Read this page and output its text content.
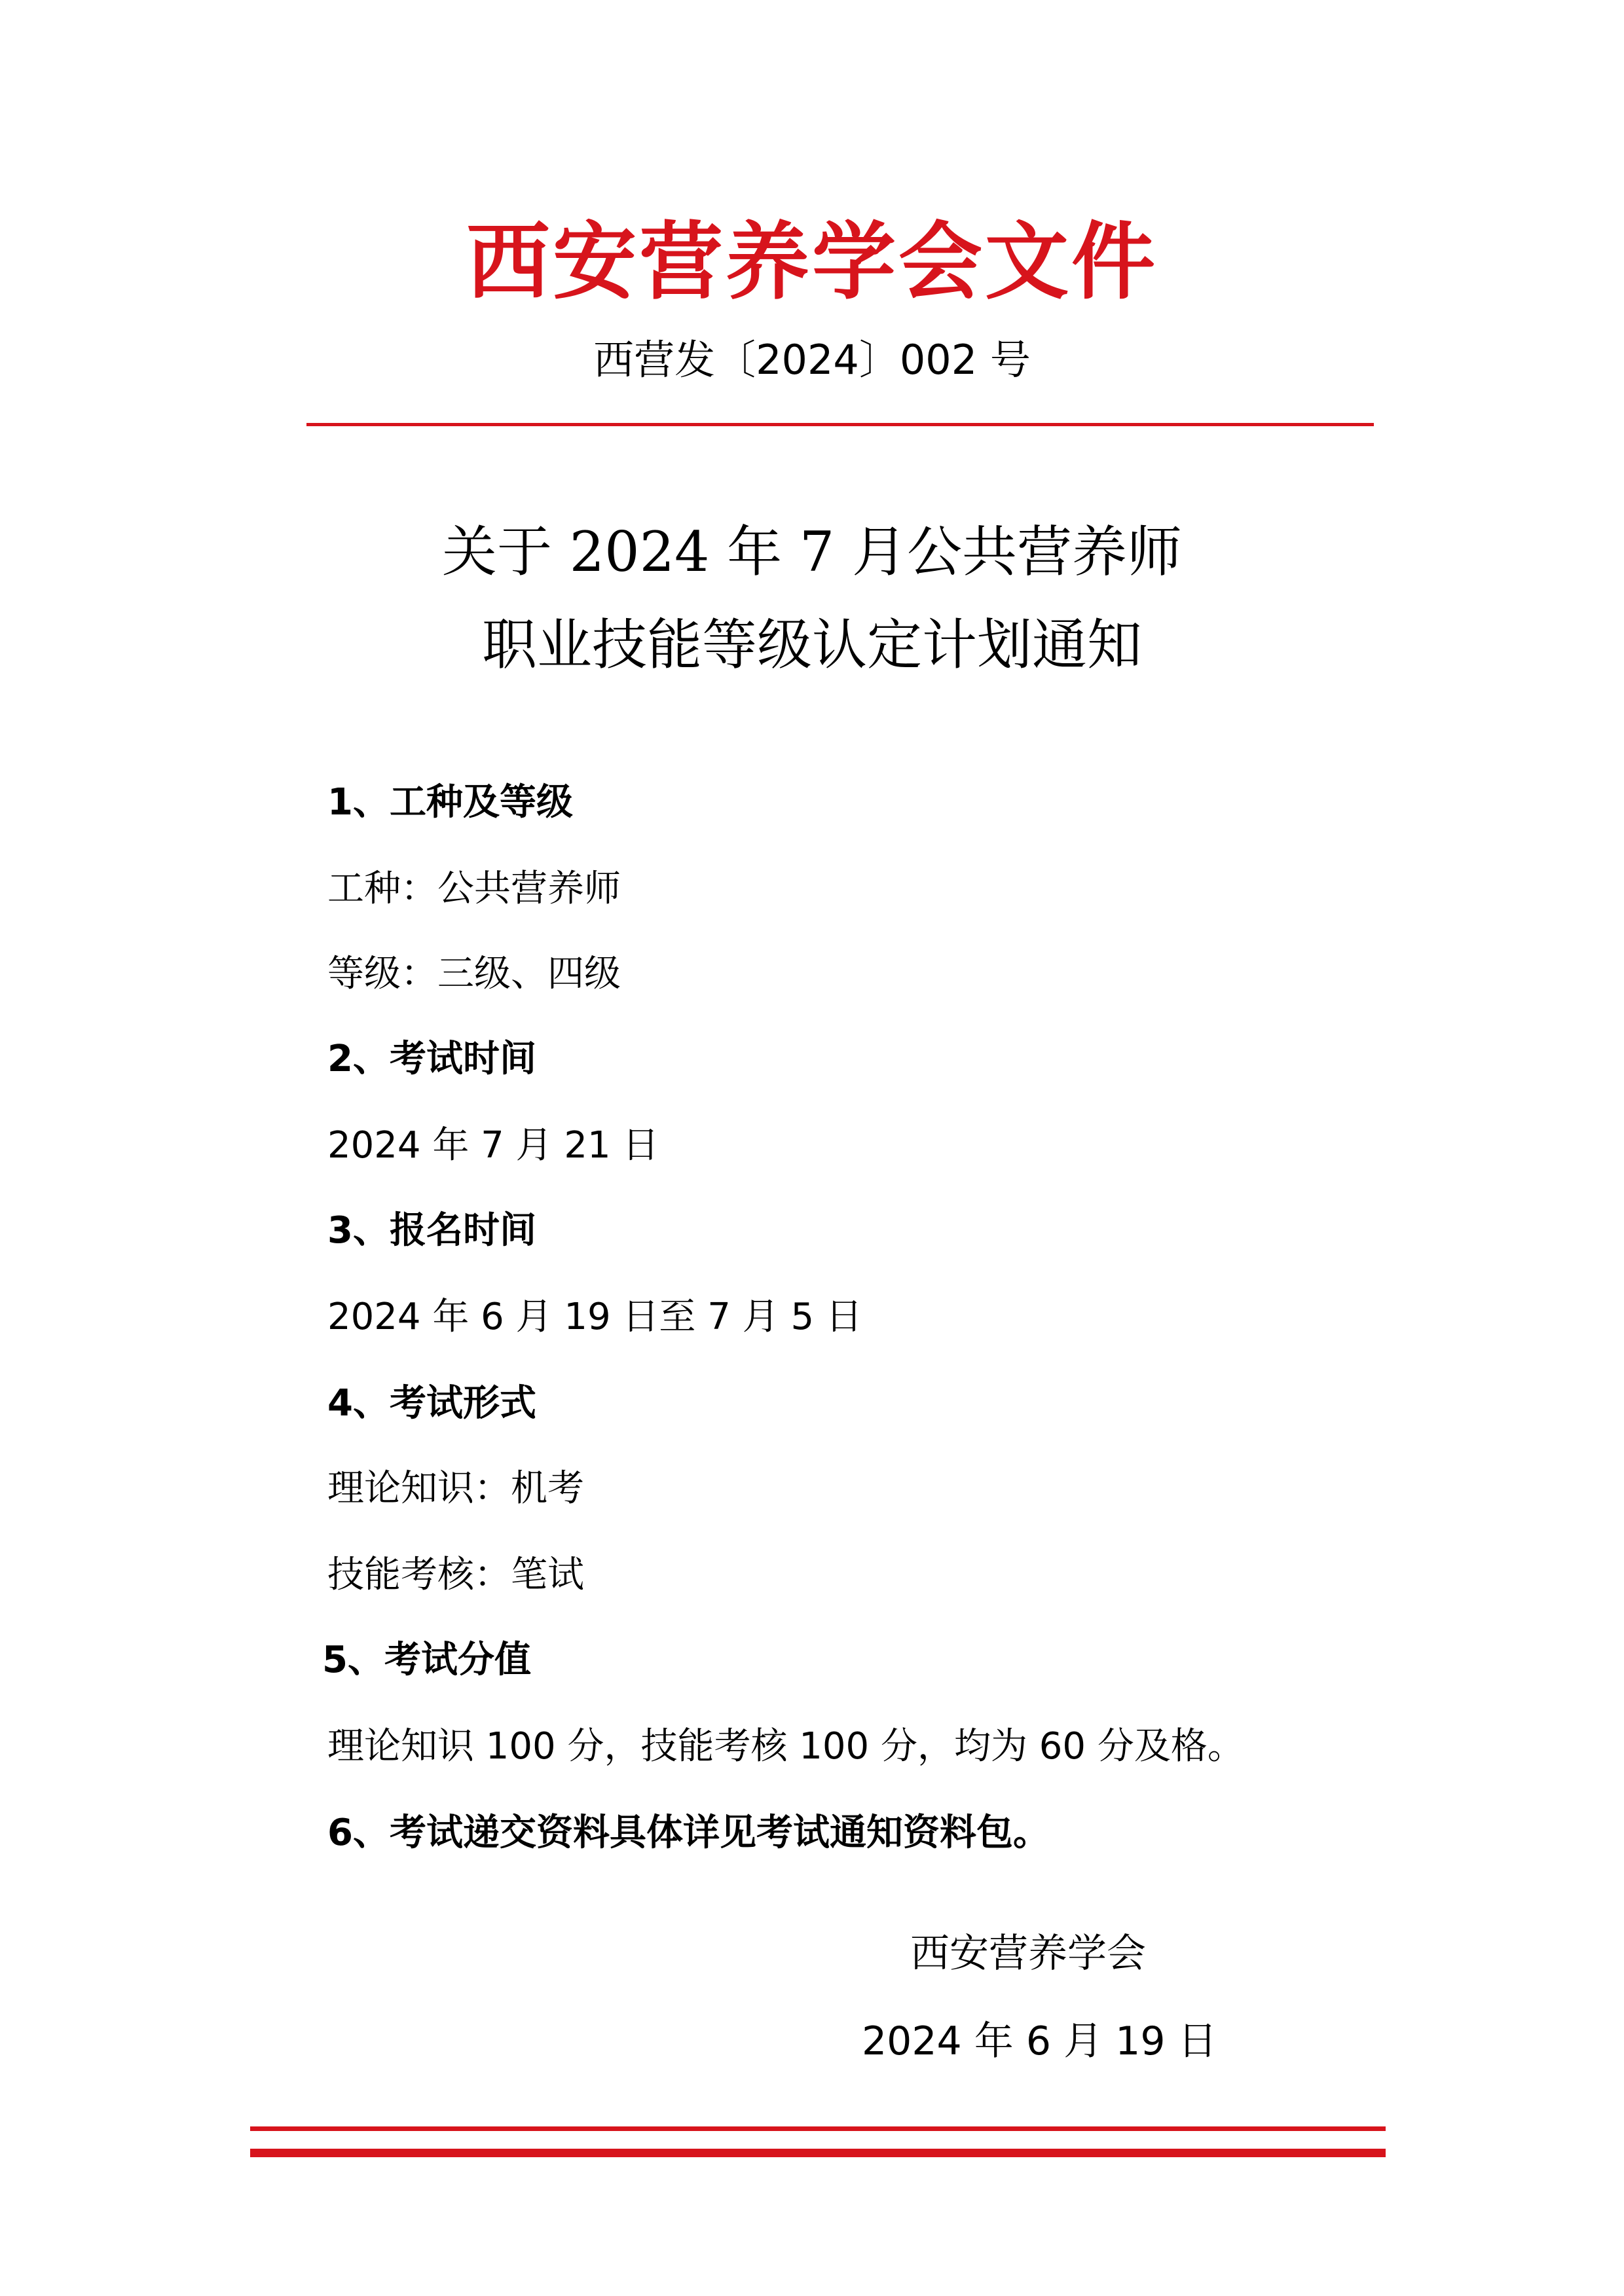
西安营养学会文件
西营发〔2024〕002 号
关于 2024 年 7 月公共营养师
职业技能等级认定计划通知
1、工种及等级
工种：公共营养师
等级：三级、四级
2、考试时间
2024 年 7 月 21 日
3、报名时间
2024 年 6 月 19 日至 7 月 5 日
4、考试形式
理论知识：机考
技能考核：笔试
5、考试分值
理论知识 100 分，技能考核 100 分，均为 60 分及格。
6、考试递交资料具体详见考试通知资料包。
西安营养学会
2024 年 6 月 19 日
